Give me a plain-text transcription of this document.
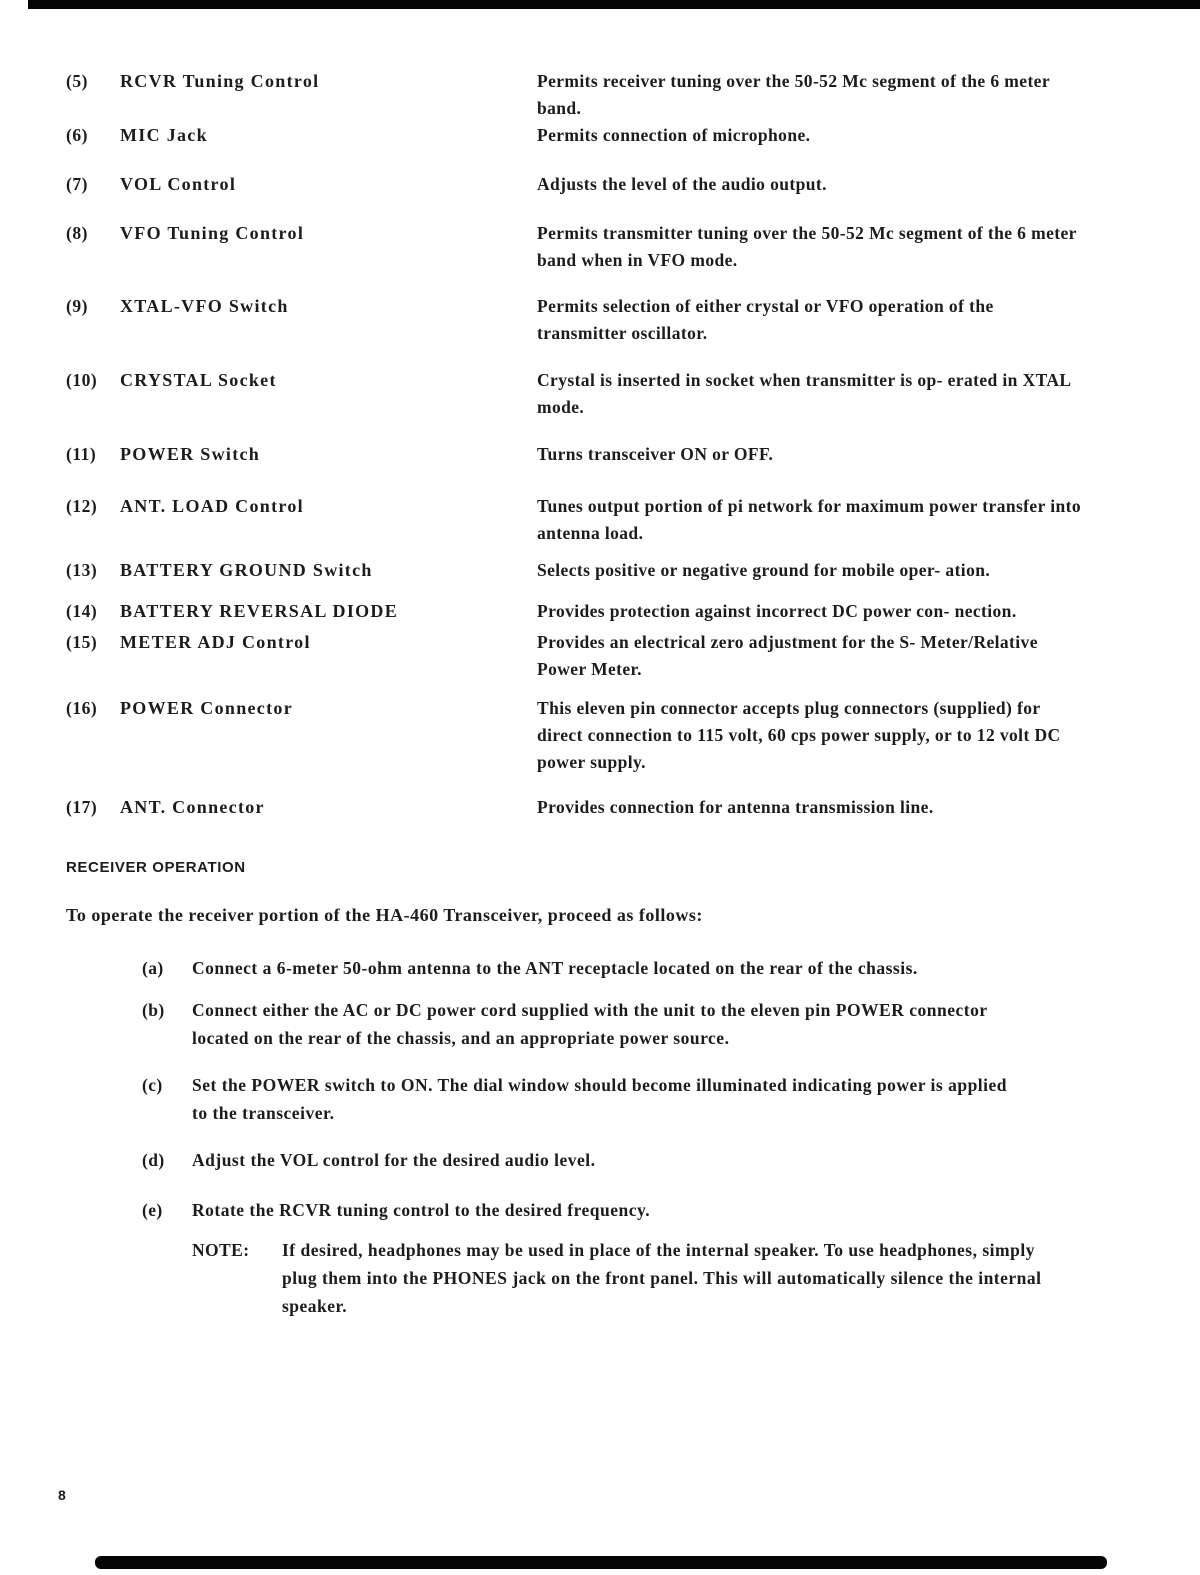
(5)	RCVR Tuning Control	Permits receiver tuning over the 50-52 Mc segment of the 6 meter band.
(6)	MIC Jack	Permits connection of microphone.
(7)	VOL Control	Adjusts the level of the audio output.
(8)	VFO Tuning Control	Permits transmitter tuning over the 50-52 Mc segment of the 6 meter band when in VFO mode.
(9)	XTAL-VFO Switch	Permits selection of either crystal or VFO operation of the transmitter oscillator.
(10)	CRYSTAL Socket	Crystal is inserted in socket when transmitter is op- erated in XTAL mode.
(11)	POWER Switch	Turns transceiver ON or OFF.
(12)	ANT. LOAD Control	Tunes output portion of pi network for maximum power transfer into antenna load.
(13)	BATTERY GROUND Switch	Selects positive or negative ground for mobile oper- ation.
(14)	BATTERY REVERSAL DIODE	Provides protection against incorrect DC power con- nection.
(15)	METER ADJ Control	Provides an electrical zero adjustment for the S- Meter/Relative Power Meter.
(16)	POWER Connector	This eleven pin connector accepts plug connectors (supplied) for direct connection to 115 volt, 60 cps power supply, or to 12 volt DC power supply.
(17)	ANT. Connector	Provides connection for antenna transmission line.
RECEIVER OPERATION
To operate the receiver portion of the HA-460 Transceiver, proceed as follows:
(a)	Connect a 6-meter 50-ohm antenna to the ANT receptacle located on the rear of the chassis.
(b)	Connect either the AC or DC power cord supplied with the unit to the eleven pin POWER connector located on the rear of the chassis, and an appropriate power source.
(c)	Set the POWER switch to ON. The dial window should become illuminated indicating power is applied to the transceiver.
(d)	Adjust the VOL control for the desired audio level.
(e)	Rotate the RCVR tuning control to the desired frequency.
NOTE:	If desired, headphones may be used in place of the internal speaker. To use headphones, simply plug them into the PHONES jack on the front panel. This will automatically silence the internal speaker.
8
